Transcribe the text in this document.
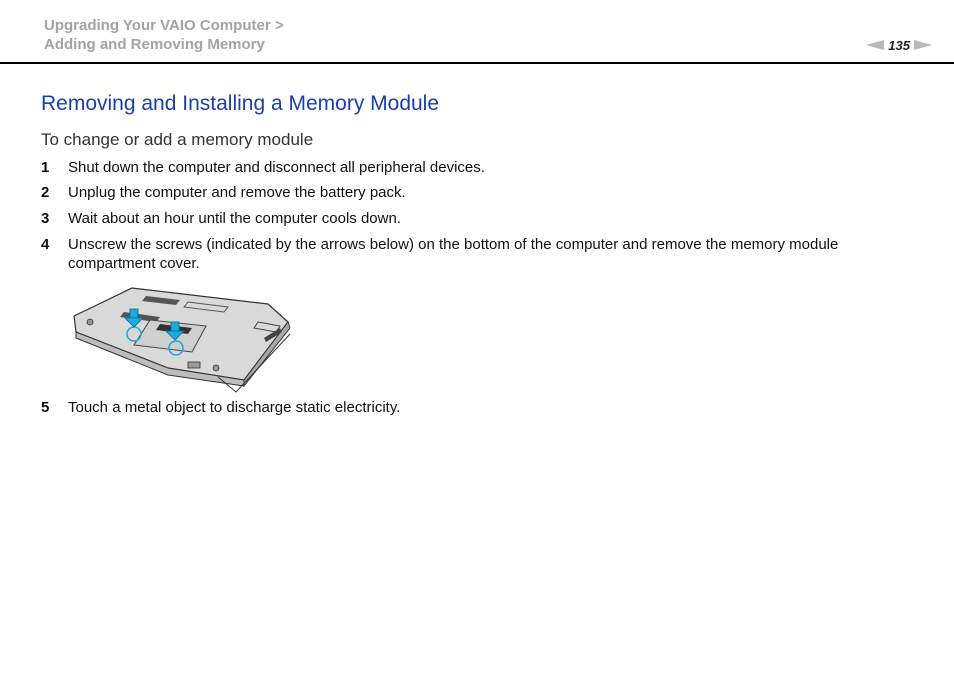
Upgrading Your VAIO Computer >
Adding and Removing Memory	135
Removing and Installing a Memory Module
To change or add a memory module
1	Shut down the computer and disconnect all peripheral devices.
2	Unplug the computer and remove the battery pack.
3	Wait about an hour until the computer cools down.
4	Unscrew the screws (indicated by the arrows below) on the bottom of the computer and remove the memory module compartment cover.
5	Touch a metal object to discharge static electricity.
